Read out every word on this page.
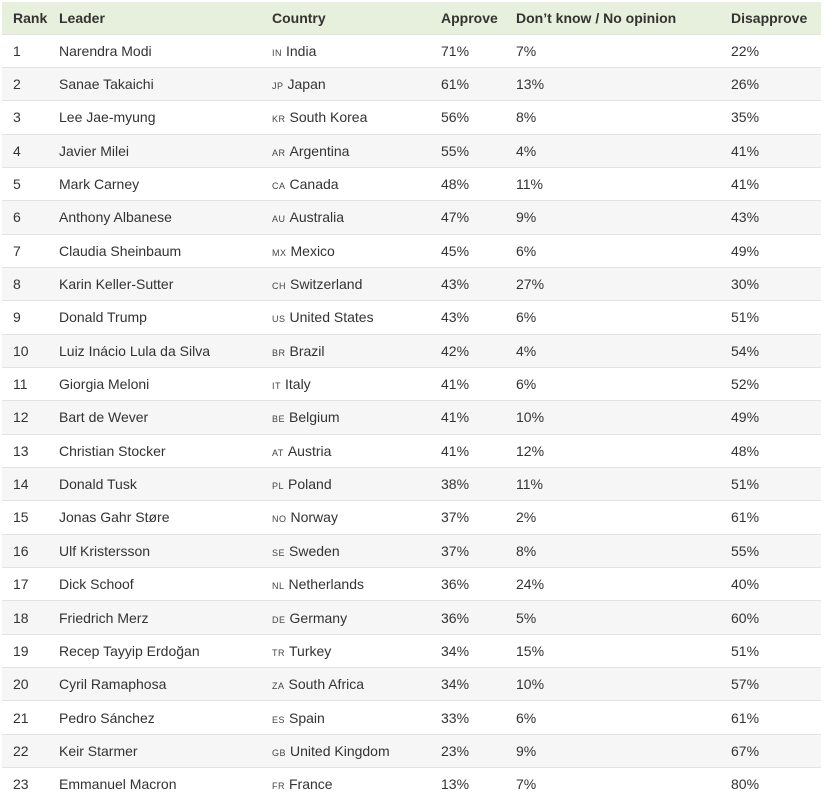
Rank	Leader	Country	Approve	Don’t know / No opinion	Disapprove
1	Narendra Modi	IN India	71%	7%	22%
2	Sanae Takaichi	JP Japan	61%	13%	26%
3	Lee Jae-myung	KR South Korea	56%	8%	35%
4	Javier Milei	AR Argentina	55%	4%	41%
5	Mark Carney	CA Canada	48%	11%	41%
6	Anthony Albanese	AU Australia	47%	9%	43%
7	Claudia Sheinbaum	MX Mexico	45%	6%	49%
8	Karin Keller-Sutter	CH Switzerland	43%	27%	30%
9	Donald Trump	US United States	43%	6%	51%
10	Luiz Inácio Lula da Silva	BR Brazil	42%	4%	54%
11	Giorgia Meloni	IT Italy	41%	6%	52%
12	Bart de Wever	BE Belgium	41%	10%	49%
13	Christian Stocker	AT Austria	41%	12%	48%
14	Donald Tusk	PL Poland	38%	11%	51%
15	Jonas Gahr Støre	NO Norway	37%	2%	61%
16	Ulf Kristersson	SE Sweden	37%	8%	55%
17	Dick Schoof	NL Netherlands	36%	24%	40%
18	Friedrich Merz	DE Germany	36%	5%	60%
19	Recep Tayyip Erdoğan	TR Turkey	34%	15%	51%
20	Cyril Ramaphosa	ZA South Africa	34%	10%	57%
21	Pedro Sánchez	ES Spain	33%	6%	61%
22	Keir Starmer	GB United Kingdom	23%	9%	67%
23	Emmanuel Macron	FR France	13%	7%	80%
